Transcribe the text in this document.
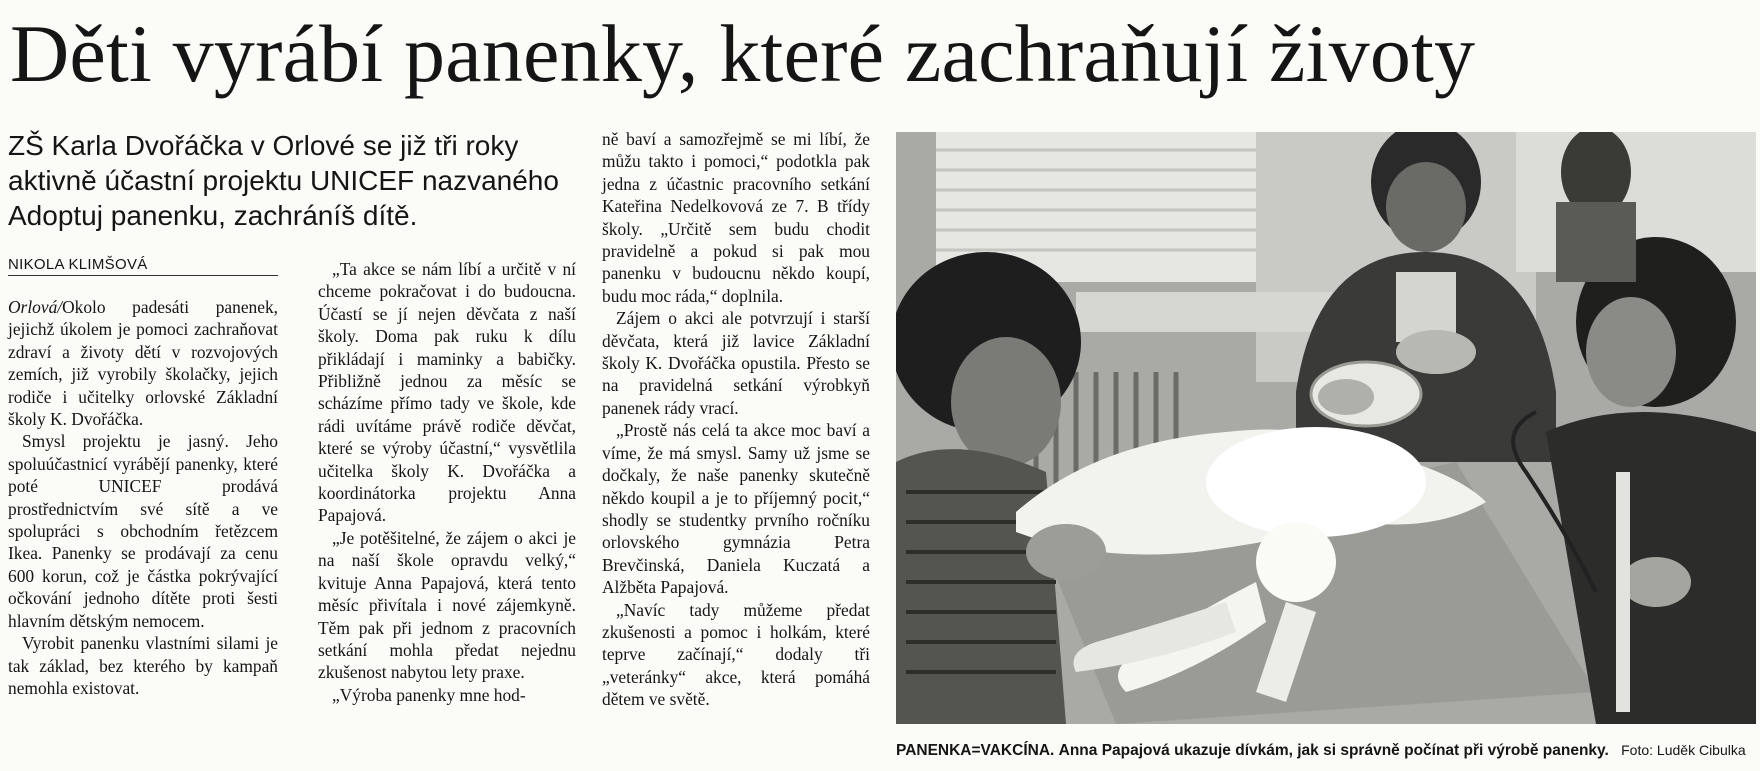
Děti vyrábí panenky, které zachraňují životy

ZŠ Karla Dvořáčka v Orlové se již tři roky aktivně účastní projektu UNICEF nazvaného Adoptuj panenku, zachráníš dítě.

NIKOLA KLIMŠOVÁ

Orlová/Okolo padesáti panenek, jejichž úkolem je pomoci zachraňovat zdraví a životy dětí v rozvojových zemích, již vyrobily školačky, jejich rodiče i učitelky orlovské Základní školy K. Dvořáčka.

Smysl projektu je jasný. Jeho spoluúčastnicí vyrábějí panenky, které poté UNICEF prodává prostřednictvím své sítě a ve spolupráci s obchodním řetězcem Ikea. Panenky se prodávají za cenu 600 korun, což je částka pokrývající očkování jednoho dítěte proti šesti hlavním dětským nemocem.

Vyrobit panenku vlastními silami je tak základ, bez kterého by kampaň nemohla existovat.

„Ta akce se nám líbí a určitě v ní chceme pokračovat i do budoucna. Účastí se jí nejen děvčata z naší školy. Doma pak ruku k dílu přikládají i maminky a babičky. Přibližně jednou za měsíc se scházíme přímo tady ve škole, kde rádi uvítáme právě rodiče děvčat, které se výroby účastní,“ vysvětlila učitelka školy K. Dvořáčka a koordinátorka projektu Anna Papajová.

„Je potěšitelné, že zájem o akci je na naší škole opravdu velký,“ kvituje Anna Papajová, která tento měsíc přivítala i nové zájemkyně. Těm pak při jednom z pracovních setkání mohla předat nejednu zkušenost nabytou lety praxe.

„Výroba panenky mne hod-

ně baví a samozřejmě se mi líbí, že můžu takto i pomoci,“ podotkla pak jedna z účastnic pracovního setkání Kateřina Nedelkovová ze 7. B třídy školy. „Určitě sem budu chodit pravidelně a pokud si pak mou panenku v budoucnu někdo koupí, budu moc ráda,“ doplnila.

Zájem o akci ale potvrzují i starší děvčata, která již lavice Základní školy K. Dvořáčka opustila. Přesto se na pravidelná setkání výrobkyň panenek rády vrací.

„Prostě nás celá ta akce moc baví a víme, že má smysl. Samy už jsme se dočkaly, že naše panenky skutečně někdo koupil a je to příjemný pocit,“ shodly se studentky prvního ročníku orlovského gymnázia Petra Brevčinská, Daniela Kuczatá a Alžběta Papajová.

„Navíc tady můžeme předat zkušenosti a pomoc i holkám, které teprve začínají,“ dodaly tři „veteránky“ akce, která pomáhá dětem ve světě.

PANENKA=VAKCÍNA. Anna Papajová ukazuje dívkám, jak si správně počínat při výrobě panenky. Foto: Luděk Cibulka
